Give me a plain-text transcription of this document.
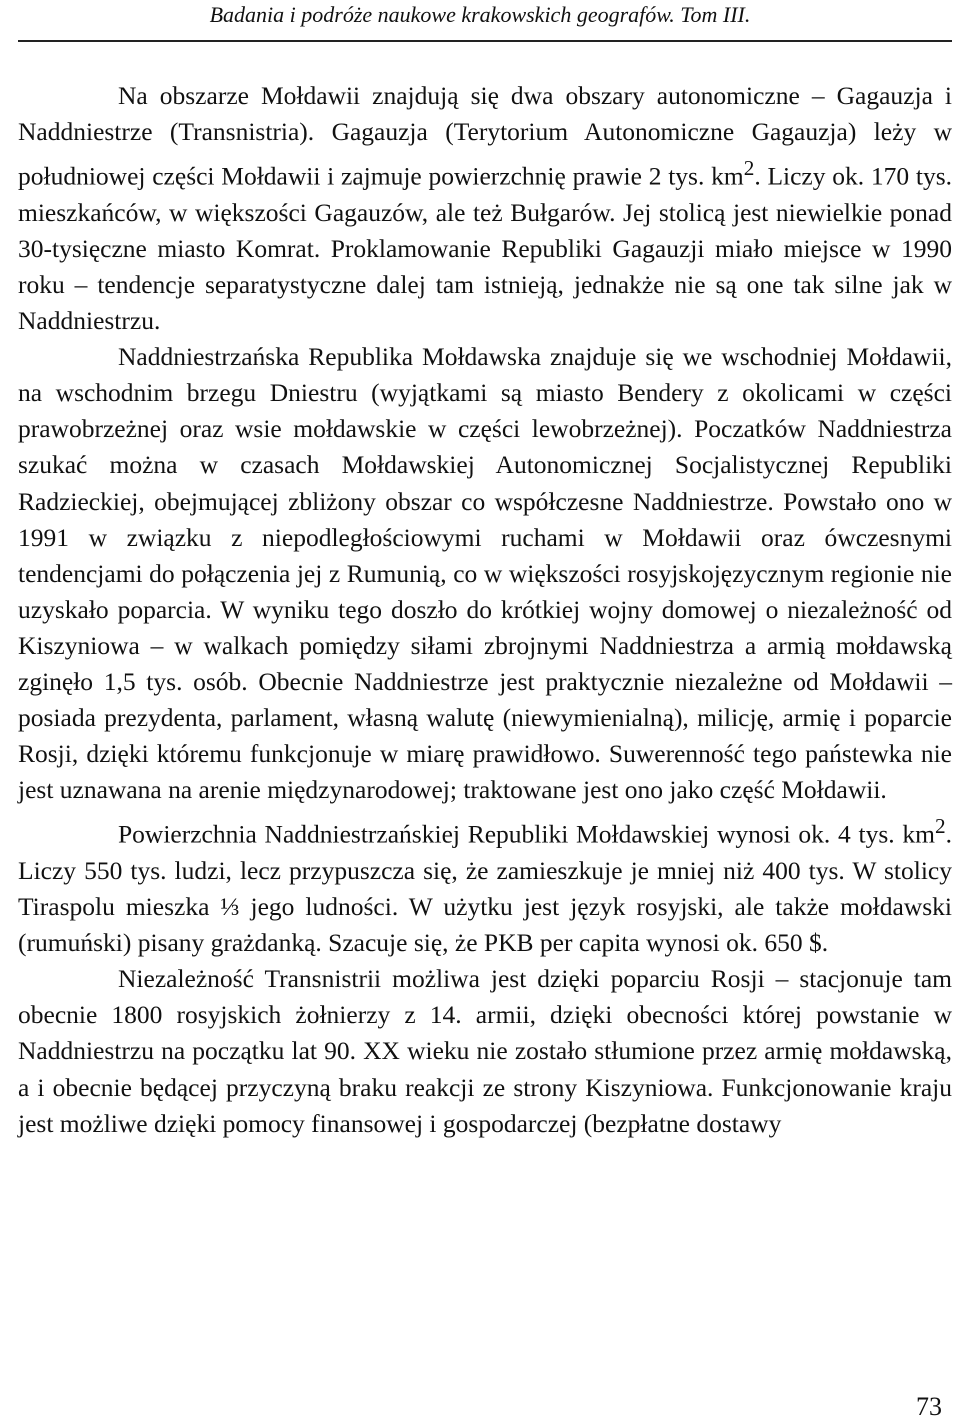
Badania i podróże naukowe krakowskich geografów. Tom III.

Na obszarze Mołdawii znajdują się dwa obszary autonomiczne – Gagauzja i Naddniestrze (Transnistria). Gagauzja (Terytorium Autonomiczne Gagauzja) leży w południowej części Mołdawii i zajmuje powierzchnię prawie 2 tys. $km^2$. Liczy ok. 170 tys. mieszkańców, w większości Gagauzów, ale też Bułgarów. Jej stolicą jest niewielkie ponad 30-tysięczne miasto Komrat. Proklamowanie Republiki Gagauzji miało miejsce w 1990 roku – tendencje separatystyczne dalej tam istnieją, jednakże nie są one tak silne jak w Naddniestrzu.

Naddniestrzańska Republika Mołdawska znajduje się we wschodniej Mołdawii, na wschodnim brzegu Dniestru (wyjątkami są miasto Bendery z okolicami w części prawobrzeżnej oraz wsie mołdawskie w części lewobrzeżnej). Poczatków Naddniestrza szukać można w czasach Mołdawskiej Autonomicznej Socjalistycznej Republiki Radzieckiej, obejmującej zbliżony obszar co współczesne Naddniestrze. Powstało ono w 1991 w związku z niepodległościowymi ruchami w Mołdawii oraz ówczesnymi tendencjami do połączenia jej z Rumunią, co w większości rosyjskojęzycznym regionie nie uzyskało poparcia. W wyniku tego doszło do krótkiej wojny domowej o niezależność od Kiszyniowa – w walkach pomiędzy siłami zbrojnymi Naddniestrza a armią mołdawską zginęło 1,5 tys. osób. Obecnie Naddniestrze jest praktycznie niezależne od Mołdawii – posiada prezydenta, parlament, własną walutę (niewymienialną), milicję, armię i poparcie Rosji, dzięki któremu funkcjonuje w miarę prawidłowo. Suwerenność tego państewka nie jest uznawana na arenie międzynarodowej; traktowane jest ono jako część Mołdawii.

Powierzchnia Naddniestrzańskiej Republiki Mołdawskiej wynosi ok. 4 tys. $km^2$. Liczy 550 tys. ludzi, lecz przypuszcza się, że zamieszkuje je mniej niż 400 tys. W stolicy Tiraspolu mieszka ⅓ jego ludności. W użytku jest język rosyjski, ale także mołdawski (rumuński) pisany grażdanką. Szacuje się, że PKB per capita wynosi ok. 650 $.

Niezależność Transnistrii możliwa jest dzięki poparciu Rosji – stacjonuje tam obecnie 1800 rosyjskich żołnierzy z 14. armii, dzięki obecności której powstanie w Naddniestrzu na początku lat 90. XX wieku nie zostało stłumione przez armię mołdawską, a i obecnie będącej przyczyną braku reakcji ze strony Kiszyniowa. Funkcjonowanie kraju jest możliwe dzięki pomocy finansowej i gospodarczej (bezpłatne dostawy

73
